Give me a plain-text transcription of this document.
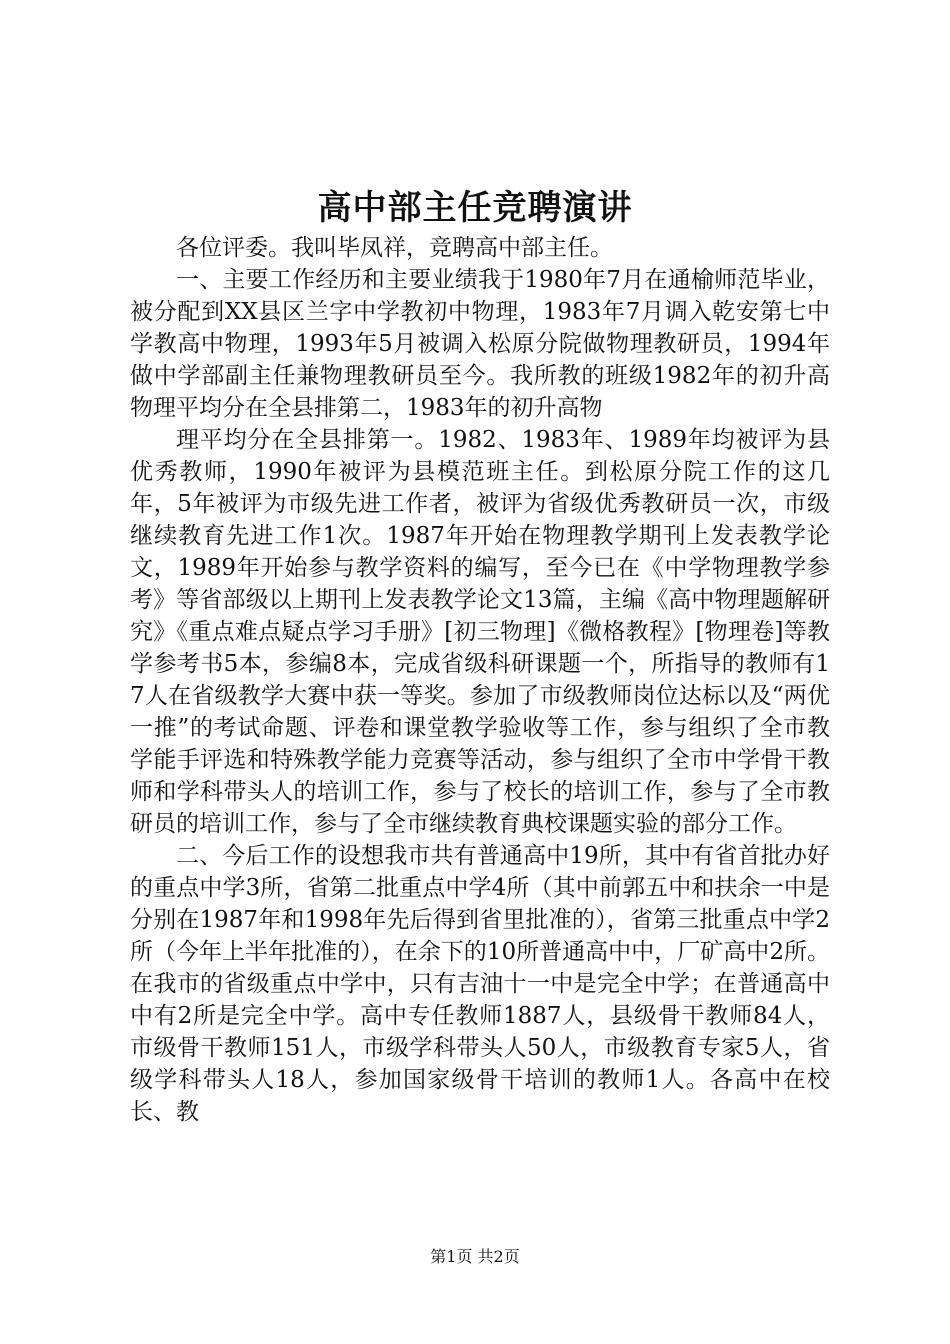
高中部主任竞聘演讲

各位评委。我叫毕凤祥，竞聘高中部主任。

一、主要工作经历和主要业绩我于1980年7月在通榆师范毕业，被分配到XX县区兰字中学教初中物理，1983年7月调入乾安第七中学教高中物理，1993年5月被调入松原分院做物理教研员，1994年做中学部副主任兼物理教研员至今。我所教的班级1982年的初升高物理平均分在全县排第二，1983年的初升高物

理平均分在全县排第一。1982、1983年、1989年均被评为县优秀教师，1990年被评为县模范班主任。到松原分院工作的这几年，5年被评为市级先进工作者，被评为省级优秀教研员一次，市级继续教育先进工作1次。1987年开始在物理教学期刊上发表教学论文，1989年开始参与教学资料的编写，至今已在《中学物理教学参考》等省部级以上期刊上发表教学论文13篇，主编《高中物理题解研究》《重点难点疑点学习手册》[初三物理]《微格教程》[物理卷]等教学参考书5本，参编8本，完成省级科研课题一个，所指导的教师有17人在省级教学大赛中获一等奖。参加了市级教师岗位达标以及“两优一推”的考试命题、评卷和课堂教学验收等工作，参与组织了全市教学能手评选和特殊教学能力竞赛等活动，参与组织了全市中学骨干教师和学科带头人的培训工作，参与了校长的培训工作，参与了全市教研员的培训工作，参与了全市继续教育典校课题实验的部分工作。

二、今后工作的设想我市共有普通高中19所，其中有省首批办好的重点中学3所，省第二批重点中学4所（其中前郭五中和扶余一中是分别在1987年和1998年先后得到省里批准的），省第三批重点中学2所（今年上半年批准的），在余下的10所普通高中中，厂矿高中2所。在我市的省级重点中学中，只有吉油十一中是完全中学；在普通高中中有2所是完全中学。高中专任教师1887人，县级骨干教师84人，市级骨干教师151人，市级学科带头人50人，市级教育专家5人，省级学科带头人18人，参加国家级骨干培训的教师1人。各高中在校长、教

第1页 共2页
